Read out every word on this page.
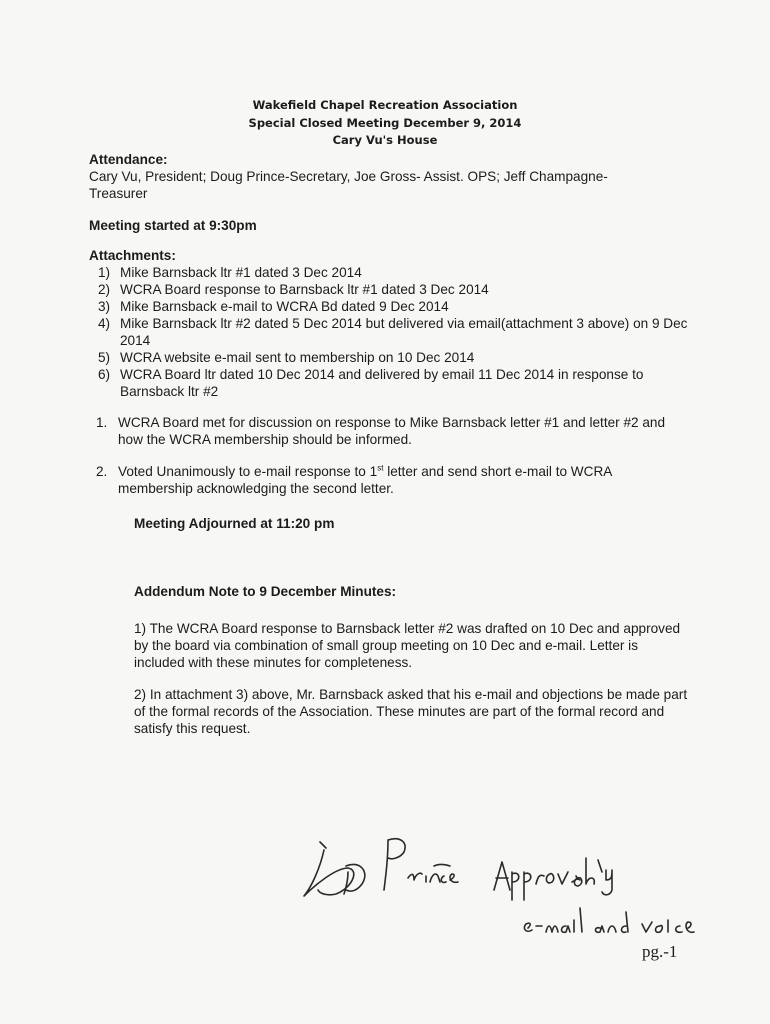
Wakefield Chapel Recreation Association
Special Closed Meeting December 9, 2014
Cary Vu's House
Attendance:
Cary Vu, President; Doug Prince-Secretary, Joe Gross- Assist. OPS; Jeff Champagne-Treasurer
Meeting started at 9:30pm
Attachments:
1) Mike Barnsback ltr #1 dated 3 Dec 2014
2) WCRA Board response to Barnsback ltr #1 dated 3 Dec 2014
3) Mike Barnsback e-mail to WCRA Bd dated 9 Dec 2014
4) Mike Barnsback ltr #2 dated 5 Dec 2014 but delivered via email(attachment 3 above) on 9 Dec 2014
5) WCRA website e-mail sent to membership on 10 Dec 2014
6) WCRA Board ltr dated 10 Dec 2014 and delivered by email 11 Dec 2014 in response to Barnsback ltr #2
1. WCRA Board met for discussion on response to Mike Barnsback letter #1 and letter #2 and how the WCRA membership should be informed.
2. Voted Unanimously to e-mail response to 1st letter and send short e-mail to WCRA membership acknowledging the second letter.
Meeting Adjourned at 11:20 pm
Addendum Note to 9 December Minutes:
1) The WCRA Board response to Barnsback letter #2 was drafted on 10 Dec and approved by the board via combination of small group meeting on 10 Dec and e-mail. Letter is included with these minutes for completeness.
2) In attachment 3) above, Mr. Barnsback asked that his e-mail and objections be made part of the formal records of the Association. These minutes are part of the formal record and satisfy this request.
pg.-1
